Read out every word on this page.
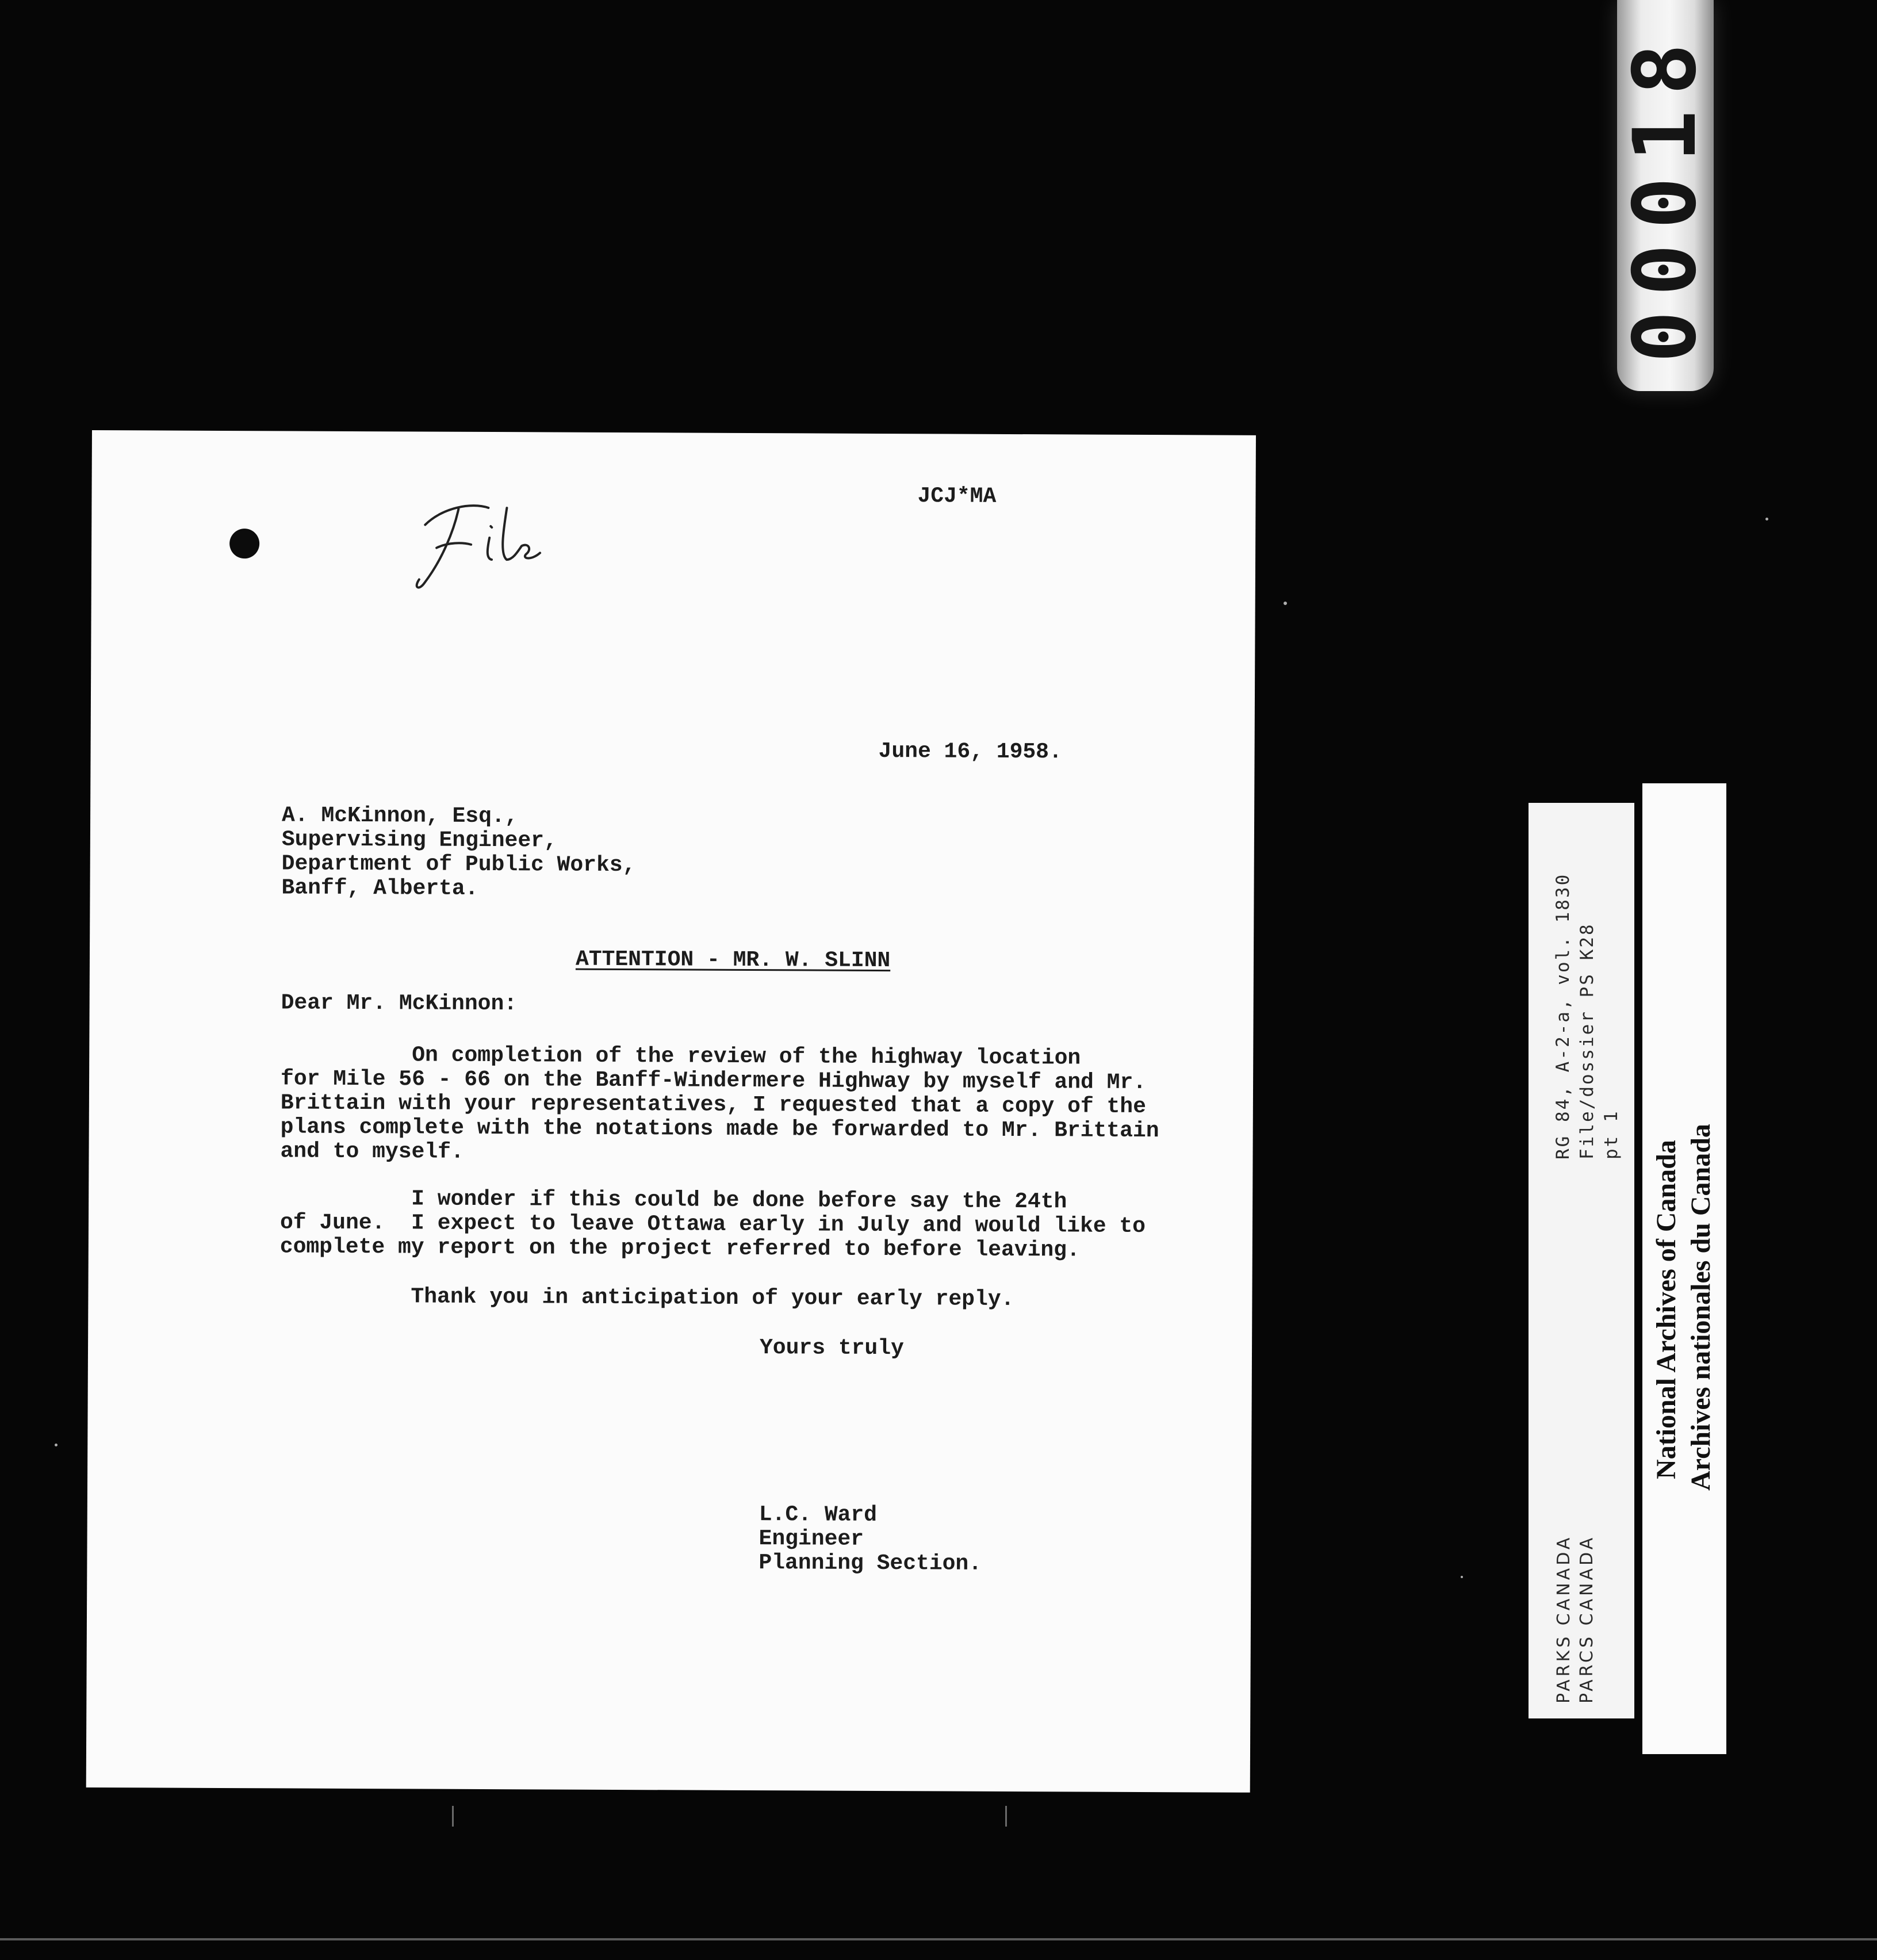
00018
JCJ*MA
June 16, 1958.
A. McKinnon, Esq.,
Supervising Engineer,
Department of Public Works,
Banff, Alberta.
ATTENTION - MR. W. SLINN
Dear Mr. McKinnon:
On completion of the review of the highway location
for Mile 56 - 66 on the Banff-Windermere Highway by myself and Mr.
Brittain with your representatives, I requested that a copy of the
plans complete with the notations made be forwarded to Mr. Brittain
and to myself.
I wonder if this could be done before say the 24th
of June.  I expect to leave Ottawa early in July and would like to
complete my report on the project referred to before leaving.
Thank you in anticipation of your early reply.
Yours truly
L.C. Ward
Engineer
Planning Section.
RG 84, A-2-a, vol. 1830 File/dossier PS K28 pt 1
PARKS CANADA PARCS CANADA
National Archives of Canada Archives nationales du Canada
